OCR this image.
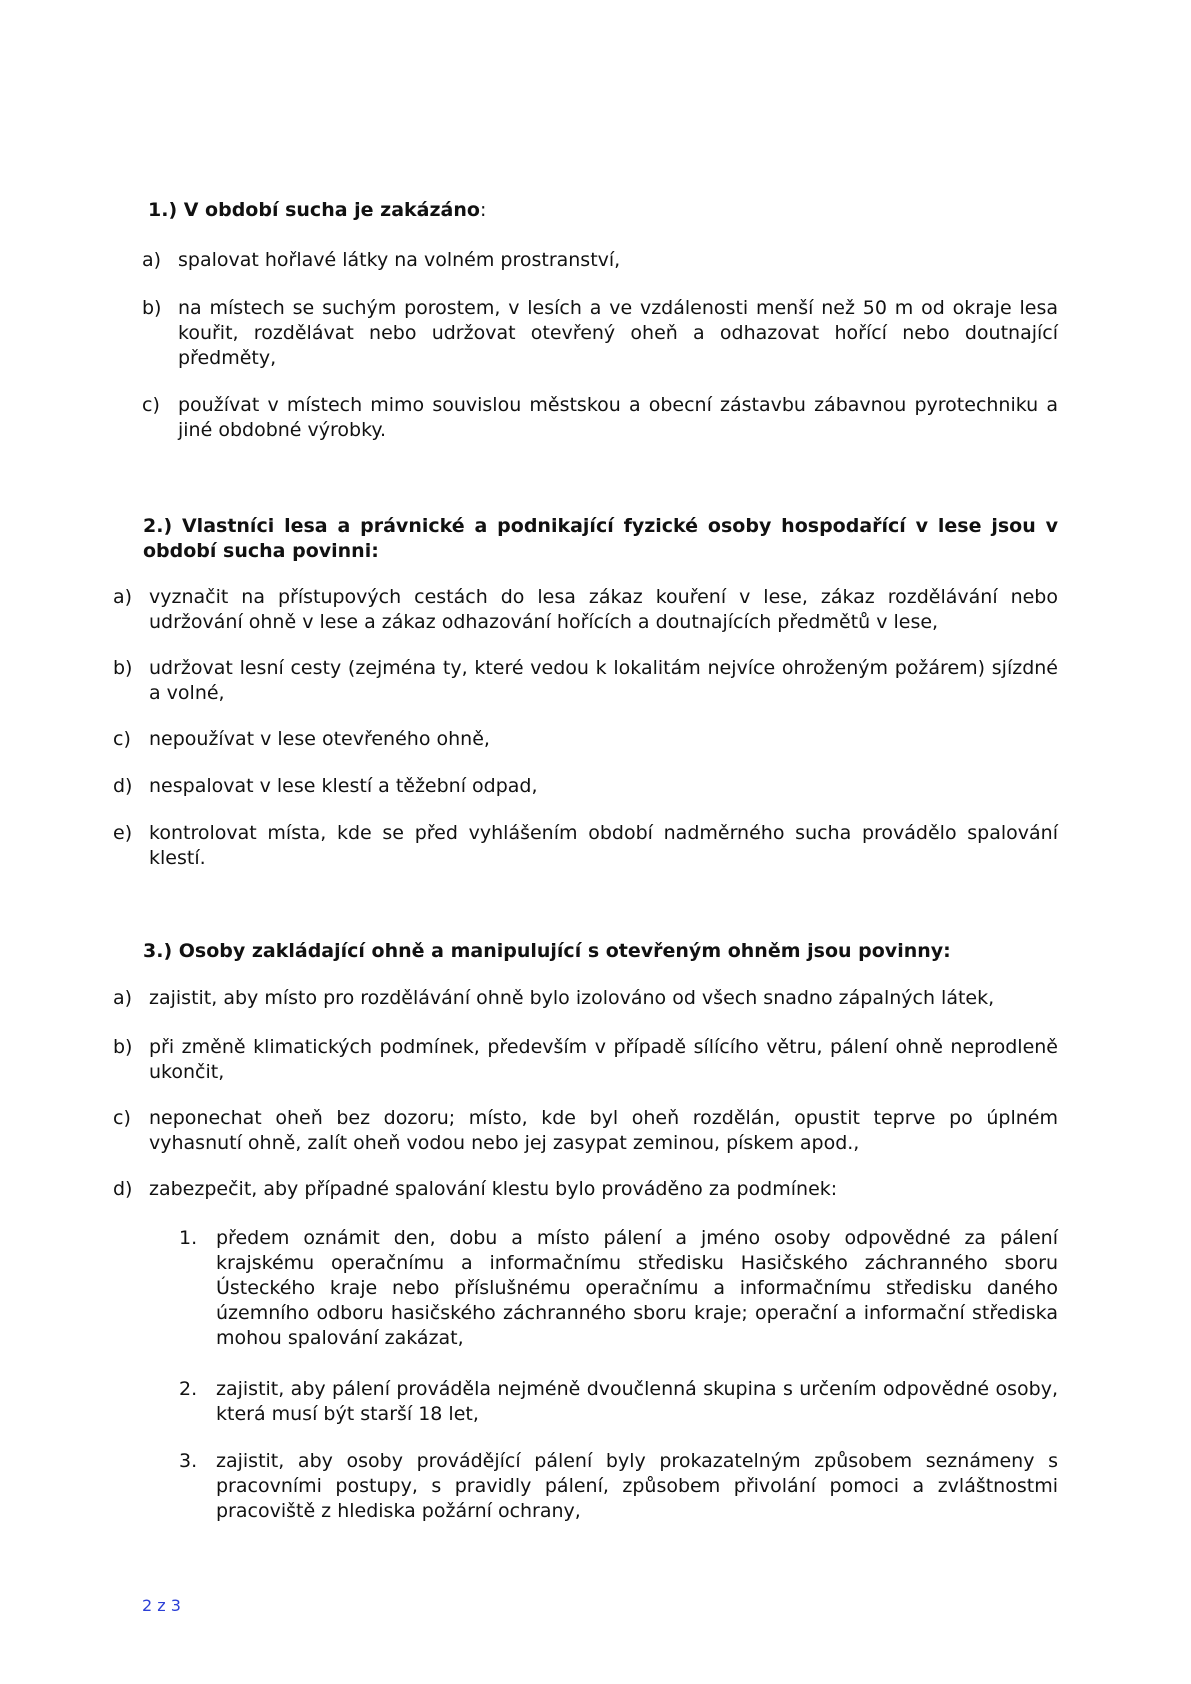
1.) V období sucha je zakázáno:

a) spalovat hořlavé látky na volném prostranství,

b) na místech se suchým porostem, v lesích a ve vzdálenosti menší než 50 m od okraje lesa kouřit, rozdělávat nebo udržovat otevřený oheň a odhazovat hořící nebo doutnající předměty,

c) používat v místech mimo souvislou městskou a obecní zástavbu zábavnou pyrotechniku a jiné obdobné výrobky.

2.) Vlastníci lesa a právnické a podnikající fyzické osoby hospodařící v lese jsou v období sucha povinni:

a) vyznačit na přístupových cestách do lesa zákaz kouření v lese, zákaz rozdělávání nebo udržování ohně v lese a zákaz odhazování hořících a doutnajících předmětů v lese,

b) udržovat lesní cesty (zejména ty, které vedou k lokalitám nejvíce ohroženým požárem) sjízdné a volné,

c) nepoužívat v lese otevřeného ohně,

d) nespalovat v lese klestí a těžební odpad,

e) kontrolovat místa, kde se před vyhlášením období nadměrného sucha provádělo spalování klestí.

3.) Osoby zakládající ohně a manipulující s otevřeným ohněm jsou povinny:

a) zajistit, aby místo pro rozdělávání ohně bylo izolováno od všech snadno zápalných látek,

b) při změně klimatických podmínek, především v případě sílícího větru, pálení ohně neprodleně ukončit,

c) neponechat oheň bez dozoru; místo, kde byl oheň rozdělán, opustit teprve po úplném vyhasnutí ohně, zalít oheň vodou nebo jej zasypat zeminou, pískem apod.,

d) zabezpečit, aby případné spalování klestu bylo prováděno za podmínek:

1. předem oznámit den, dobu a místo pálení a jméno osoby odpovědné za pálení krajskému operačnímu a informačnímu středisku Hasičského záchranného sboru Ústeckého kraje nebo příslušnému operačnímu a informačnímu středisku daného územního odboru hasičského záchranného sboru kraje; operační a informační střediska mohou spalování zakázat,

2. zajistit, aby pálení prováděla nejméně dvoučlenná skupina s určením odpovědné osoby, která musí být starší 18 let,

3. zajistit, aby osoby provádějící pálení byly prokazatelným způsobem seznámeny s pracovními postupy, s pravidly pálení, způsobem přivolání pomoci a zvláštnostmi pracoviště z hlediska požární ochrany,

2 z 3
